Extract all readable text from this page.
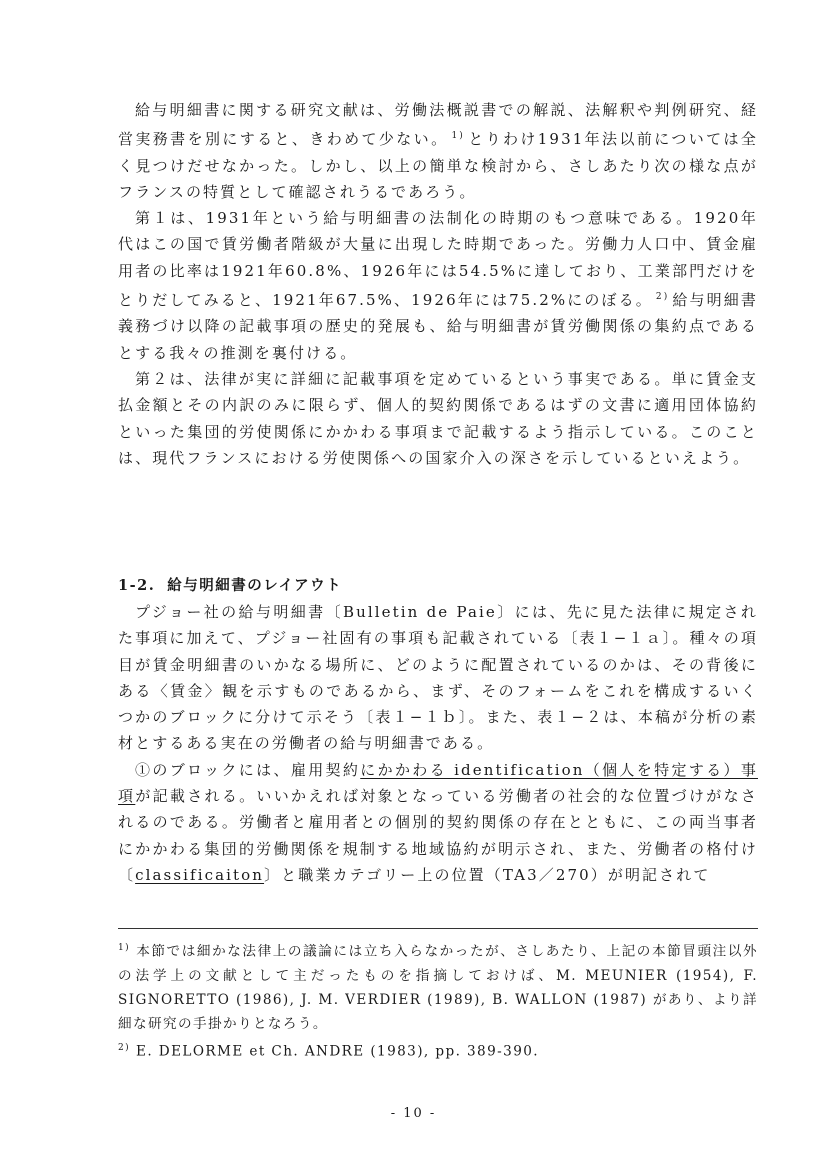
給与明細書に関する研究文献は、労働法概説書での解説、法解釈や判例研究、経営実務書を別にすると、きわめて少ない。 $^{1)}$ とりわけ1931年法以前については全く見つけだせなかった。しかし、以上の簡単な検討から、さしあたり次の様な点がフランスの特質として確認されうるであろう。

第１は、1931年という給与明細書の法制化の時期のもつ意味である。1920年代はこの国で賃労働者階級が大量に出現した時期であった。労働力人口中、賃金雇用者の比率は1921年60.8%、1926年には54.5%に達しており、工業部門だけをとりだしてみると、1921年67.5%、1926年には75.2%にのぼる。 $^{2)}$ 給与明細書義務づけ以降の記載事項の歴史的発展も、給与明細書が賃労働関係の集約点であるとする我々の推測を裏付ける。

第２は、法律が実に詳細に記載事項を定めているという事実である。単に賃金支払金額とその内訳のみに限らず、個人的契約関係であるはずの文書に適用団体協約といった集団的労使関係にかかわる事項まで記載するよう指示している。このことは、現代フランスにおける労使関係への国家介入の深さを示しているといえよう。

1-2. 給与明細書のレイアウト

プジョー社の給与明細書〔Bulletin de Paie〕には、先に見た法律に規定された事項に加えて、プジョー社固有の事項も記載されている〔表１−１ａ〕。種々の項目が賃金明細書のいかなる場所に、どのように配置されているのかは、その背後にある〈賃金〉観を示すものであるから、まず、そのフォームをこれを構成するいくつかのブロックに分けて示そう〔表１−１ｂ〕。また、表１−２は、本稿が分析の素材とするある実在の労働者の給与明細書である。

①のブロックには、雇用契約にかかわる identification（個人を特定する）事項が記載される。いいかえれば対象となっている労働者の社会的な位置づけがなされるのである。労働者と雇用者との個別的契約関係の存在とともに、この両当事者にかかわる集団的労働関係を規制する地域協約が明示され、また、労働者の格付け〔classificaiton〕と職業カテゴリー上の位置（TA3／270）が明記されて

$^{1)}$ 本節では細かな法律上の議論には立ち入らなかったが、さしあたり、上記の本節冒頭注以外の法学上の文献として主だったものを指摘しておけば、M. MEUNIER (1954), F. SIGNORETTO (1986), J. M. VERDIER (1989), B. WALLON (1987) があり、より詳細な研究の手掛かりとなろう。

$^{2)}$ E. DELORME et Ch. ANDRE (1983), pp. 389-390.

- 10 -
